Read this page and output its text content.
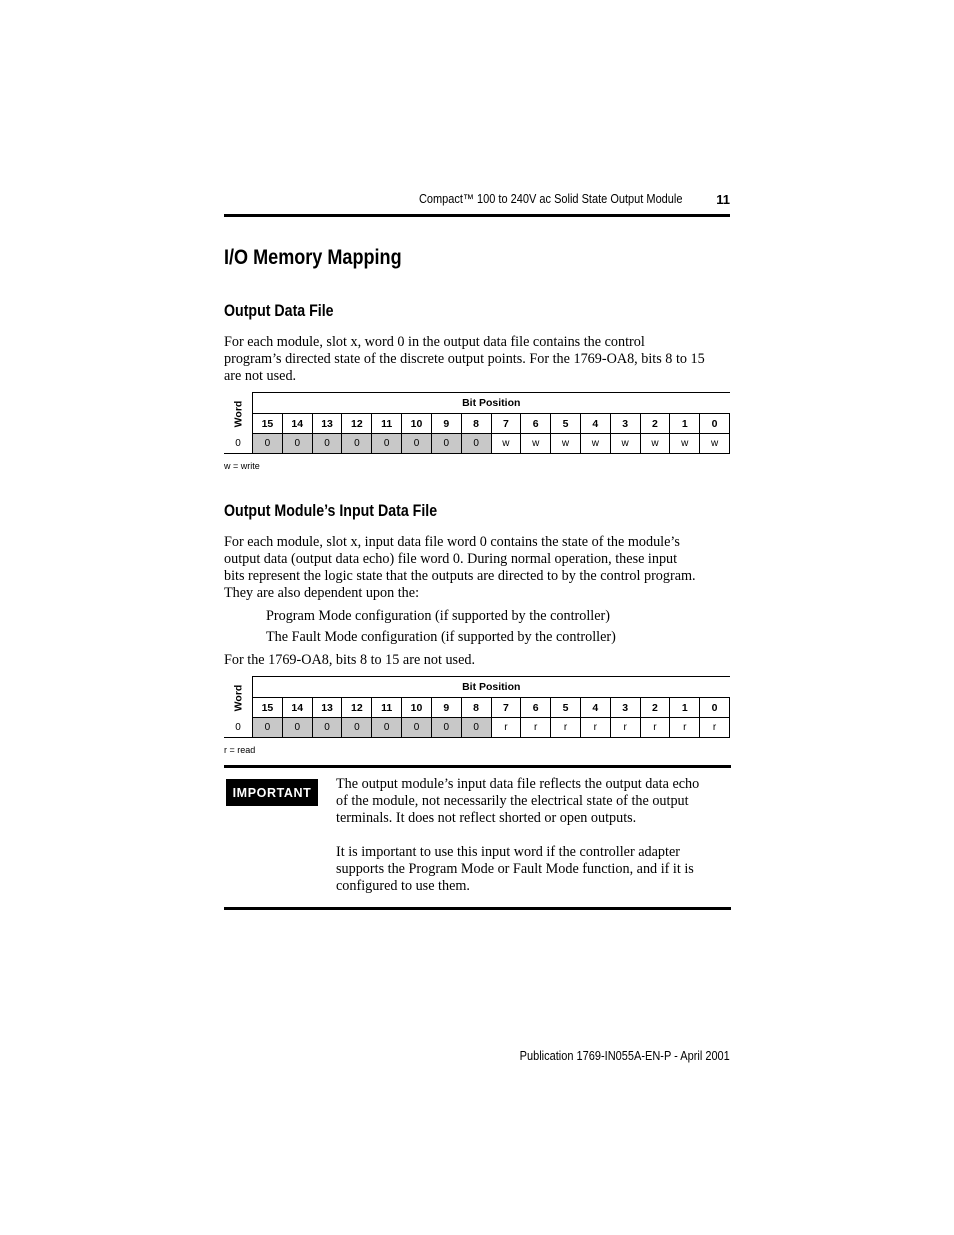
Compact™ 100 to 240V ac Solid State Output Module	11
I/O Memory Mapping
Output Data File
For each module, slot x, word 0 in the output data file contains the control
program’s directed state of the discrete output points. For the 1769-OA8, bits 8 to 15
are not used.
Word	Bit Position															
	15	14	13	12	11	10	9	8	7	6	5	4	3	2	1	0
0	0	0	0	0	0	0	0	0	w	w	w	w	w	w	w	w
w = write
Output Module’s Input Data File
For each module, slot x, input data file word 0 contains the state of the module’s
output data (output data echo) file word 0. During normal operation, these input
bits represent the logic state that the outputs are directed to by the control program.
They are also dependent upon the:
Program Mode configuration (if supported by the controller)
The Fault Mode configuration (if supported by the controller)
For the 1769-OA8, bits 8 to 15 are not used.
Word	Bit Position															
	15	14	13	12	11	10	9	8	7	6	5	4	3	2	1	0
0	0	0	0	0	0	0	0	0	r	r	r	r	r	r	r	r
r = read
IMPORTANT
The output module’s input data file reflects the output data echo
of the module, not necessarily the electrical state of the output
terminals. It does not reflect shorted or open outputs.
It is important to use this input word if the controller adapter
supports the Program Mode or Fault Mode function, and if it is
configured to use them.
Publication 1769-IN055A-EN-P - April 2001
